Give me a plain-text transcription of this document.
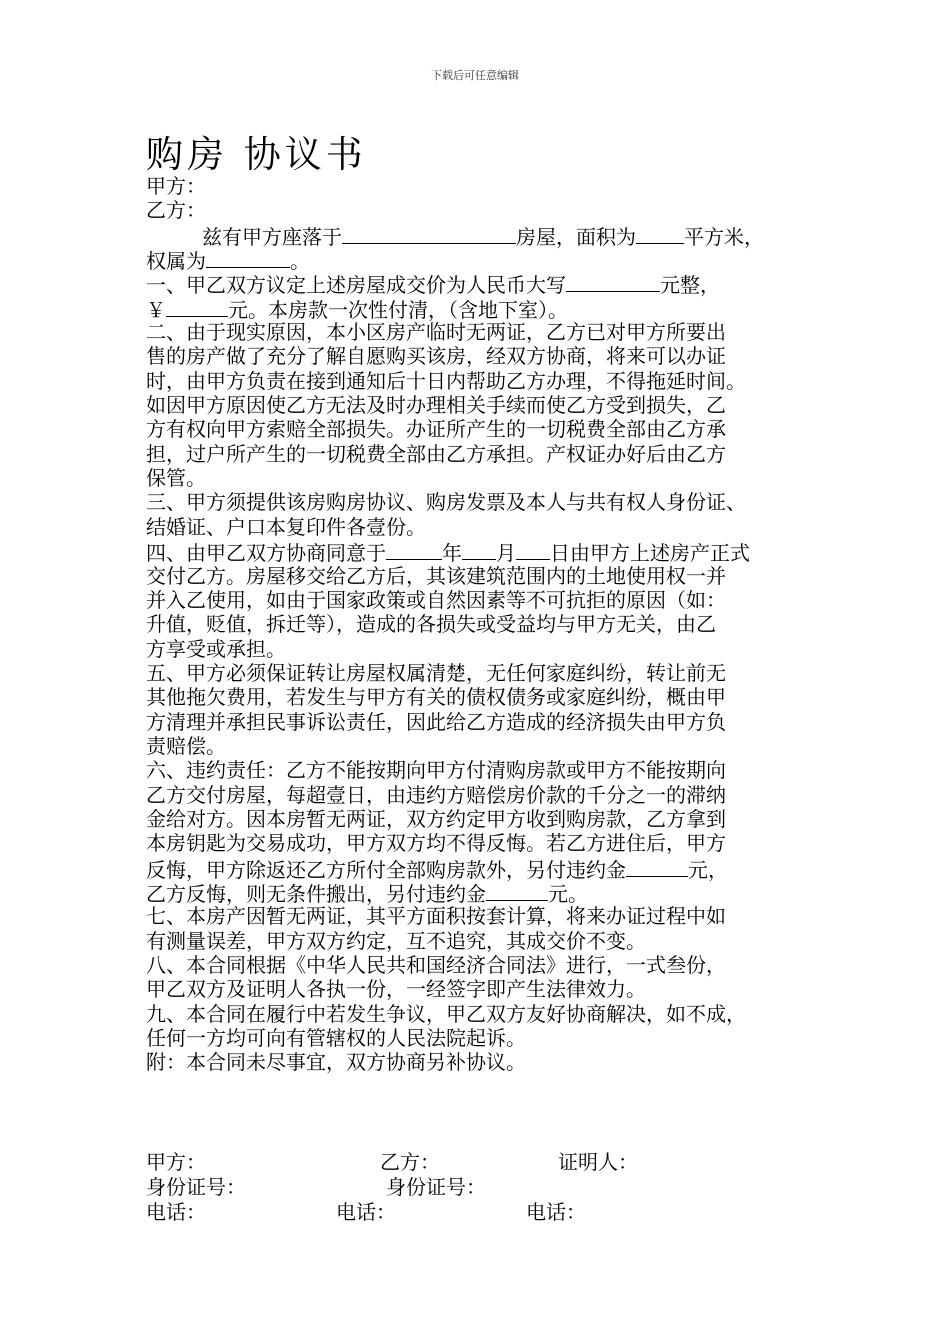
下载后可任意编辑
购房 协议书
甲方：
乙方：
兹有甲方座落于	房屋，面积为 平方米，
权属为	。
一、甲乙双方议定上述房屋成交价为人民币大写	元整，
￥	元。本房款一次性付清，（含地下室）。
二、由于现实原因，本小区房产临时无两证，乙方已对甲方所要出
售的房产做了充分了解自愿购买该房，经双方协商，将来可以办证
时，由甲方负责在接到通知后十日内帮助乙方办理，不得拖延时间。
如因甲方原因使乙方无法及时办理相关手续而使乙方受到损失，乙
方有权向甲方索赔全部损失。办证所产生的一切税费全部由乙方承
担，过户所产生的一切税费全部由乙方承担。产权证办好后由乙方
保管。
三、甲方须提供该房购房协议、购房发票及本人与共有权人身份证、
结婚证、户口本复印件各壹份。
四、由甲乙双方协商同意于	年 月 日由甲方上述房产正式
交付乙方。房屋移交给乙方后，其该建筑范围内的土地使用权一并
并入乙使用，如由于国家政策或自然因素等不可抗拒的原因（如：
升值，贬值，拆迁等），造成的各损失或受益均与甲方无关，由乙
方享受或承担。
五、甲方必须保证转让房屋权属清楚，无任何家庭纠纷，转让前无
其他拖欠费用，若发生与甲方有关的债权债务或家庭纠纷，概由甲
方清理并承担民事诉讼责任，因此给乙方造成的经济损失由甲方负
责赔偿。
六、违约责任：乙方不能按期向甲方付清购房款或甲方不能按期向
乙方交付房屋，每超壹日，由违约方赔偿房价款的千分之一的滞纳
金给对方。因本房暂无两证，双方约定甲方收到购房款，乙方拿到
本房钥匙为交易成功，甲方双方均不得反悔。若乙方进住后，甲方
反悔，甲方除返还乙方所付全部购房款外，另付违约金	元，
乙方反悔，则无条件搬出，另付违约金	元。
七、本房产因暂无两证，其平方面积按套计算，将来办证过程中如
有测量误差，甲方双方约定，互不追究，其成交价不变。
八、本合同根据《中华人民共和国经济合同法》进行，一式叁份，
甲乙双方及证明人各执一份，一经签字即产生法律效力。
九、本合同在履行中若发生争议，甲乙双方友好协商解决，如不成，
任何一方均可向有管辖权的人民法院起诉。
附：本合同未尽事宜，双方协商另补协议。
甲方：	乙方：	证明人：
身份证号：	身份证号：
电话：	电话：	电话：
